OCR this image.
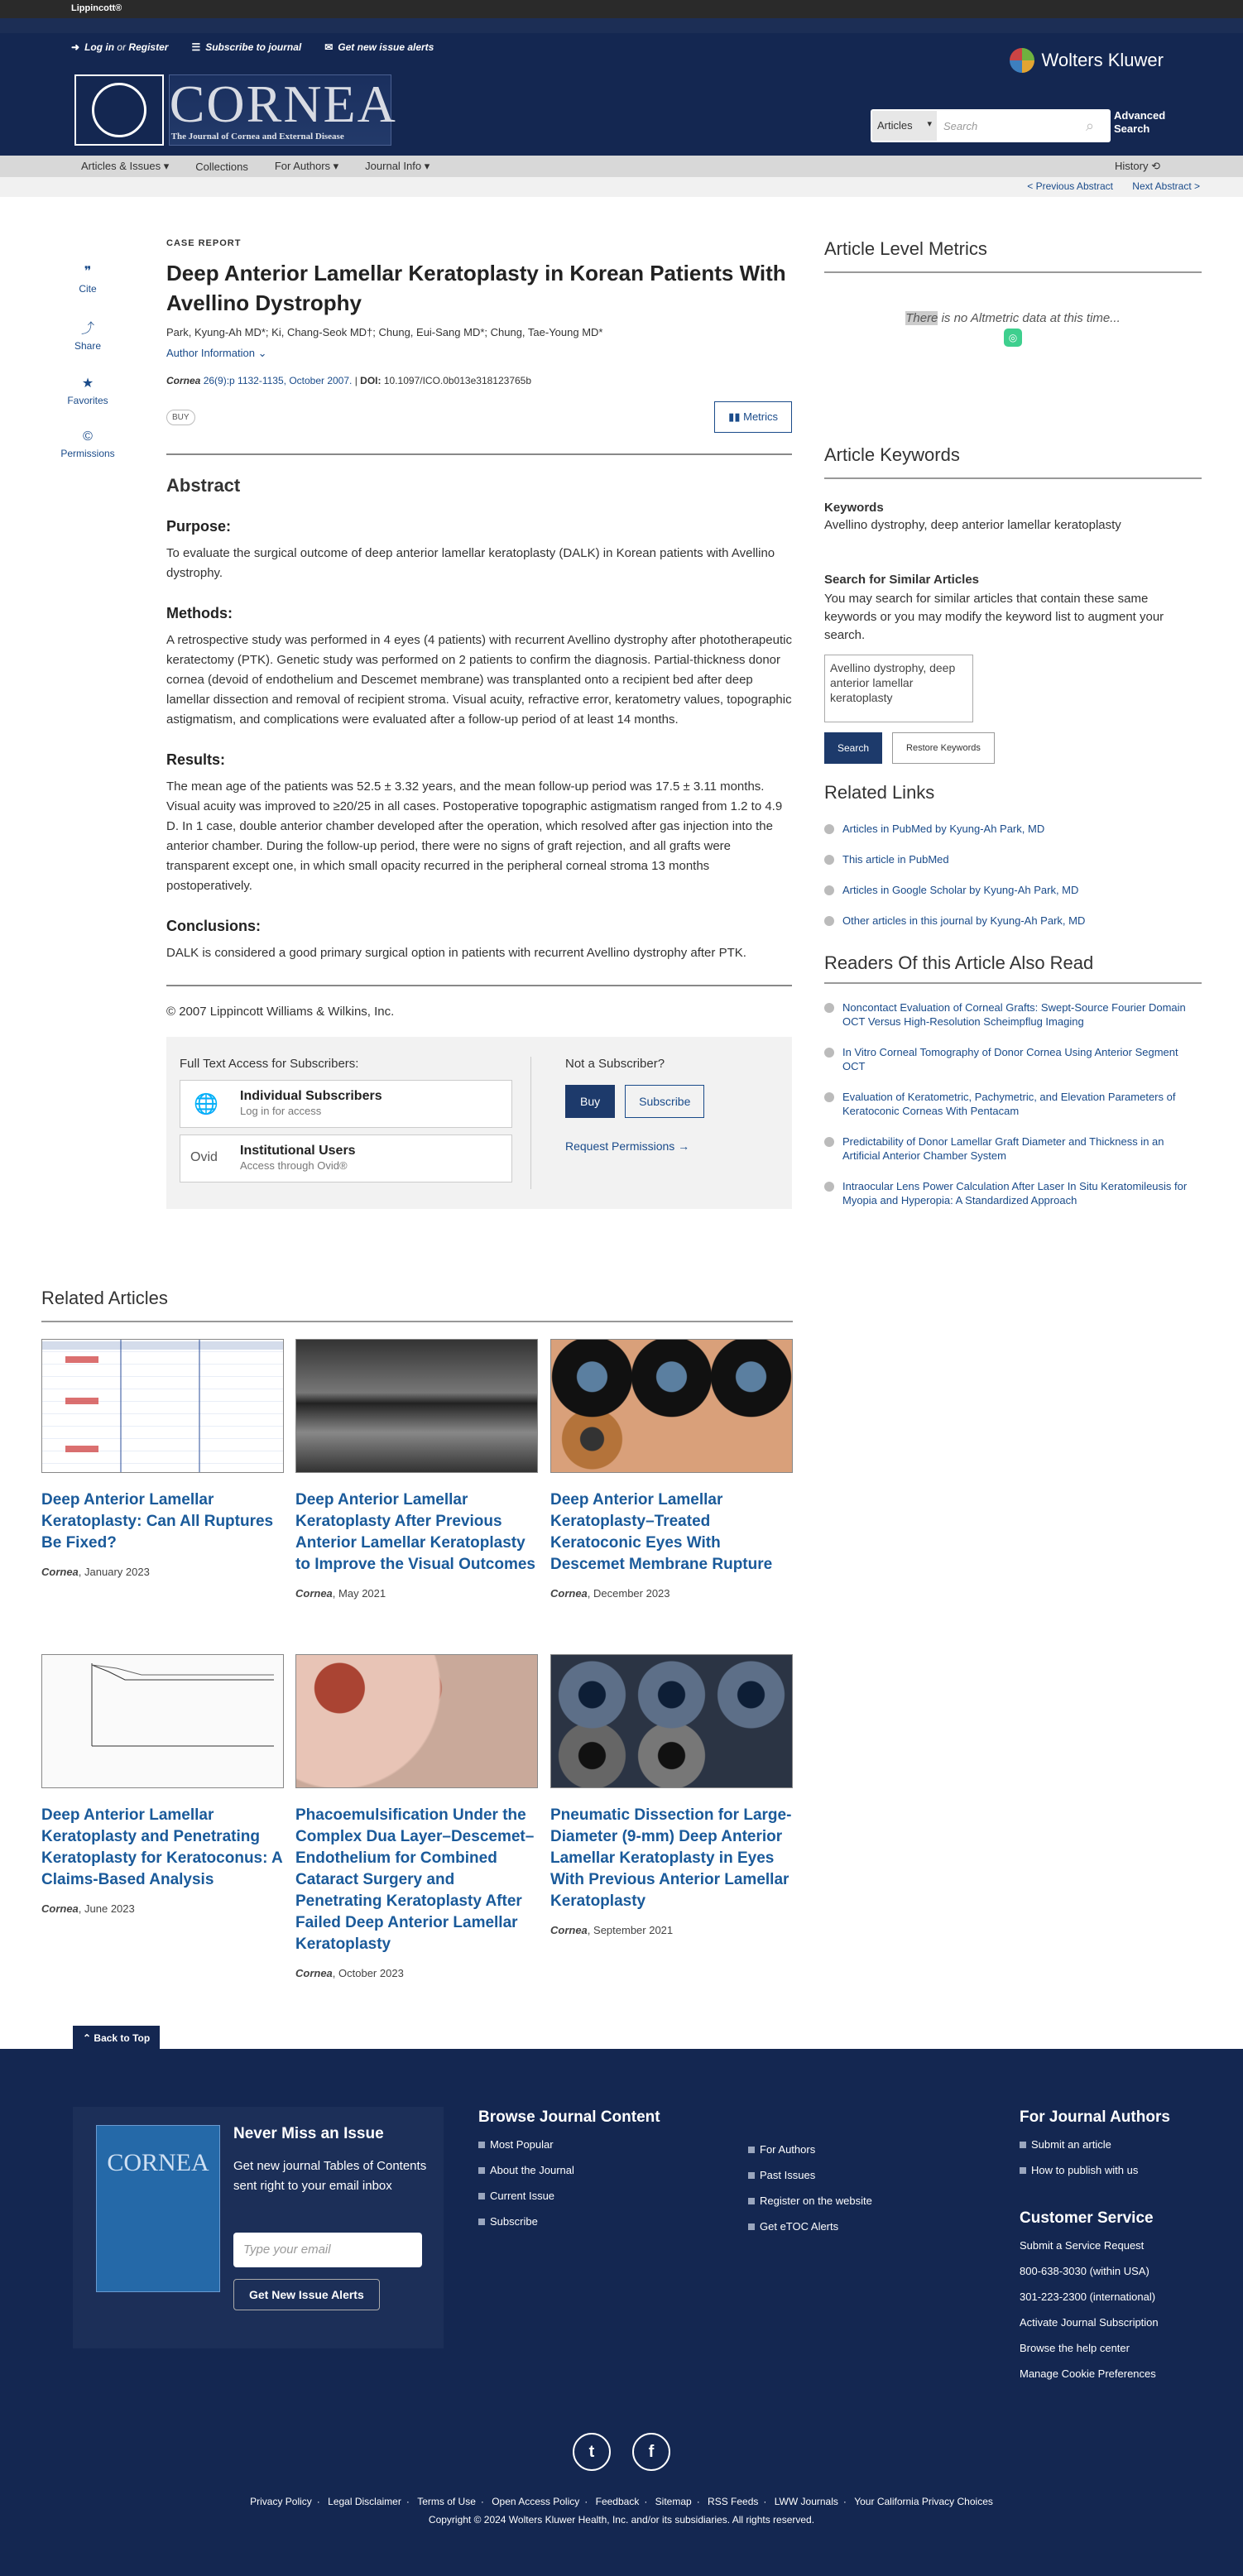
Lippincott®
➜ Log in or Register ☰ Subscribe to journal ✉ Get new issue alerts
Wolters Kluwer
CORNEA
The Journal of Cornea and External Disease
Articles ▾	Search	⌕
Advanced Search
Articles & Issues ▾ Collections For Authors ▾ Journal Info ▾	History ⟲
< Previous Abstract Next Abstract >
❞
Cite
⤴
Share
★
Favorites
©
Permissions
CASE REPORT
Deep Anterior Lamellar Keratoplasty in Korean Patients With Avellino Dystrophy
Park, Kyung-Ah MD*; Ki, Chang-Seok MD†; Chung, Eui-Sang MD*; Chung, Tae-Young MD*
Author Information ⌄
Cornea 26(9):p 1132-1135, October 2007. | DOI: 10.1097/ICO.0b013e318123765b
BUY	▮▮ Metrics
Abstract
Purpose:
To evaluate the surgical outcome of deep anterior lamellar keratoplasty (DALK) in Korean patients with Avellino dystrophy.
Methods:
A retrospective study was performed in 4 eyes (4 patients) with recurrent Avellino dystrophy after phototherapeutic keratectomy (PTK). Genetic study was performed on 2 patients to confirm the diagnosis. Partial-thickness donor cornea (devoid of endothelium and Descemet membrane) was transplanted onto a recipient bed after deep lamellar dissection and removal of recipient stroma. Visual acuity, refractive error, keratometry values, topographic astigmatism, and complications were evaluated after a follow-up period of at least 14 months.
Results:
The mean age of the patients was 52.5 ± 3.32 years, and the mean follow-up period was 17.5 ± 3.11 months. Visual acuity was improved to ≥20/25 in all cases. Postoperative topographic astigmatism ranged from 1.2 to 4.9 D. In 1 case, double anterior chamber developed after the operation, which resolved after gas injection into the anterior chamber. During the follow-up period, there were no signs of graft rejection, and all grafts were transparent except one, in which small opacity recurred in the peripheral corneal stroma 13 months postoperatively.
Conclusions:
DALK is considered a good primary surgical option in patients with recurrent Avellino dystrophy after PTK.
© 2007 Lippincott Williams & Wilkins, Inc.
Full Text Access for Subscribers:
🌐 Individual Subscribers
Log in for access
Ovid Institutional Users
Access through Ovid®
Not a Subscriber?
Buy	Subscribe
Request Permissions →
Article Level Metrics
There is no Altmetric data at this time...
◎
Article Keywords
Keywords
Avellino dystrophy, deep anterior lamellar keratoplasty
Search for Similar Articles
You may search for similar articles that contain these same keywords or you may modify the keyword list to augment your search.
Avellino dystrophy, deep anterior lamellar keratoplasty
Search	Restore Keywords
Related Links
Articles in PubMed by Kyung-Ah Park, MD
This article in PubMed
Articles in Google Scholar by Kyung-Ah Park, MD
Other articles in this journal by Kyung-Ah Park, MD
Readers Of this Article Also Read
Noncontact Evaluation of Corneal Grafts: Swept-Source Fourier Domain OCT Versus High-Resolution Scheimpflug Imaging
In Vitro Corneal Tomography of Donor Cornea Using Anterior Segment OCT
Evaluation of Keratometric, Pachymetric, and Elevation Parameters of Keratoconic Corneas With Pentacam
Predictability of Donor Lamellar Graft Diameter and Thickness in an Artificial Anterior Chamber System
Intraocular Lens Power Calculation After Laser In Situ Keratomileusis for Myopia and Hyperopia: A Standardized Approach
Related Articles
Deep Anterior Lamellar Keratoplasty: Can All Ruptures Be Fixed?
Cornea, January 2023
Deep Anterior Lamellar Keratoplasty After Previous Anterior Lamellar Keratoplasty to Improve the Visual Outcomes
Cornea, May 2021
Deep Anterior Lamellar Keratoplasty–Treated Keratoconic Eyes With Descemet Membrane Rupture
Cornea, December 2023
Deep Anterior Lamellar Keratoplasty and Penetrating Keratoplasty for Keratoconus: A Claims-Based Analysis
Cornea, June 2023
Phacoemulsification Under the Complex Dua Layer–Descemet–Endothelium for Combined Cataract Surgery and Penetrating Keratoplasty After Failed Deep Anterior Lamellar Keratoplasty
Cornea, October 2023
Pneumatic Dissection for Large-Diameter (9-mm) Deep Anterior Lamellar Keratoplasty in Eyes With Previous Anterior Lamellar Keratoplasty
Cornea, September 2021
⌃ Back to Top
CORNEA
Never Miss an Issue

Get new journal Tables of Contents sent right to your email inbox

Type your email
Get New Issue Alerts
Browse Journal Content
Most Popular
About the Journal
Current Issue
Subscribe
For Authors
Past Issues
Register on the website
Get eTOC Alerts
For Journal Authors
Submit an article
How to publish with us
Customer Service
Submit a Service Request
800-638-3030 (within USA)
301-223-2300 (international)
Activate Journal Subscription
Browse the help center
Manage Cookie Preferences
t	f
Privacy Policy · Legal Disclaimer · Terms of Use · Open Access Policy · Feedback · Sitemap · RSS Feeds · LWW Journals · Your California Privacy Choices
Copyright © 2024 Wolters Kluwer Health, Inc. and/or its subsidiaries. All rights reserved.
